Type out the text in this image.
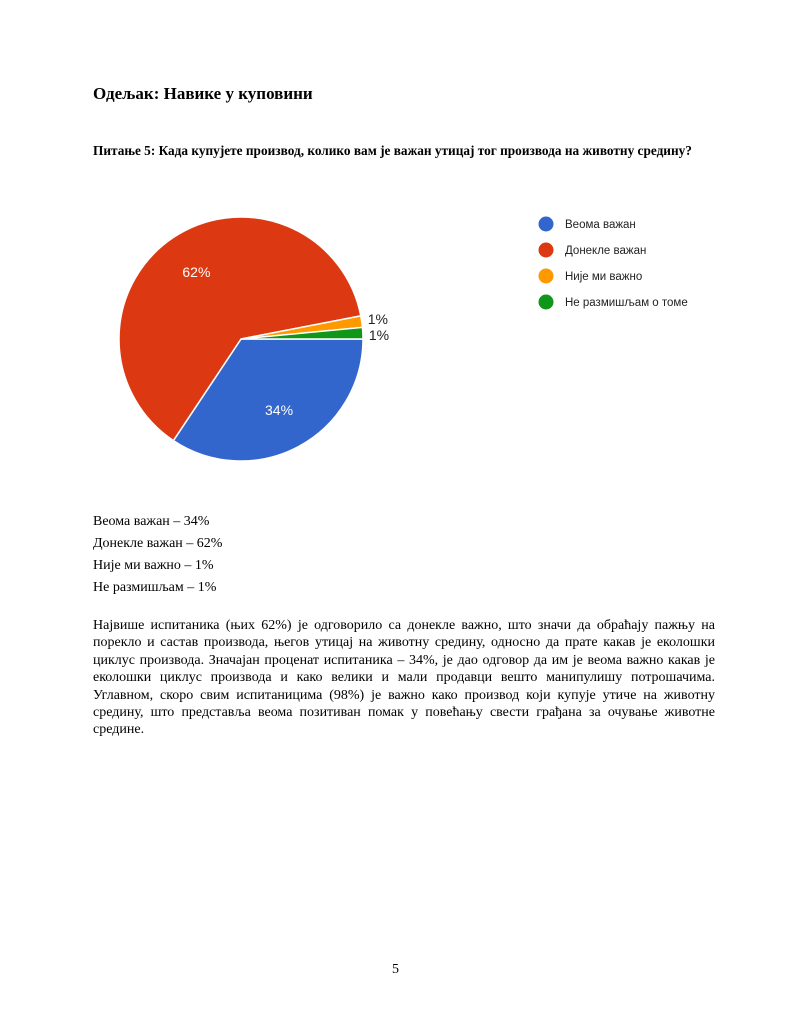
Одељак: Навике у куповини

Питање 5: Када купујете производ, колико вам је важан утицај тог производа на животну средину?

34%
62%
1%
1%
Веома важан
Донекле важан
Није ми важно
Не размишљам о томе
Веома важан – 34%
Донекле важан – 62%
Није ми важно – 1%
Не размишљам – 1%

Највише испитаника (њих 62%) је одговорило са донекле важно, што значи да обраћају пажњу на порекло и састав производа, његов утицај на животну средину, односно да прате какав је еколошки циклус производа. Значајан проценат испитаника – 34%, је дао одговор да им је веома важно какав је еколошки циклус производа и како велики и мали продавци вешто манипулишу потрошачима. Углавном, скоро свим испитаницима (98%) је важно како производ који купује утиче на животну средину, што представља веома позитиван помак у повећању свести грађана за очување животне средине.

5
